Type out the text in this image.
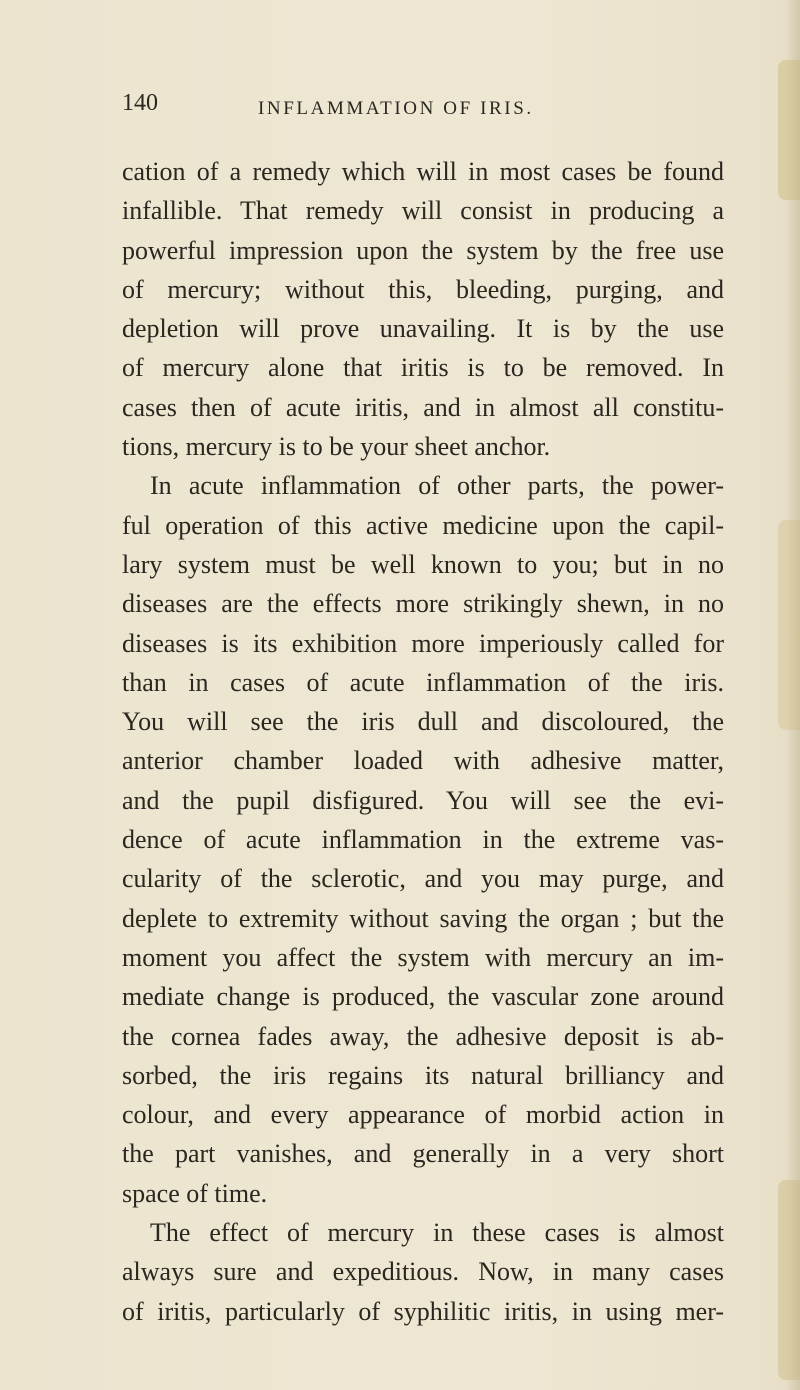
140	INFLAMMATION OF IRIS.
cation of a remedy which will in most cases be found
infallible. That remedy will consist in producing a
powerful impression upon the system by the free use
of mercury; without this, bleeding, purging, and
depletion will prove unavailing. It is by the use
of mercury alone that iritis is to be removed. In
cases then of acute iritis, and in almost all constitu-
tions, mercury is to be your sheet anchor.
In acute inflammation of other parts, the power-
ful operation of this active medicine upon the capil-
lary system must be well known to you; but in no
diseases are the effects more strikingly shewn, in no
diseases is its exhibition more imperiously called for
than in cases of acute inflammation of the iris.
You will see the iris dull and discoloured, the
anterior chamber loaded with adhesive matter,
and the pupil disfigured. You will see the evi-
dence of acute inflammation in the extreme vas-
cularity of the sclerotic, and you may purge, and
deplete to extremity without saving the organ ; but the
moment you affect the system with mercury an im-
mediate change is produced, the vascular zone around
the cornea fades away, the adhesive deposit is ab-
sorbed, the iris regains its natural brilliancy and
colour, and every appearance of morbid action in
the part vanishes, and generally in a very short
space of time.
The effect of mercury in these cases is almost
always sure and expeditious. Now, in many cases
of iritis, particularly of syphilitic iritis, in using mer-
